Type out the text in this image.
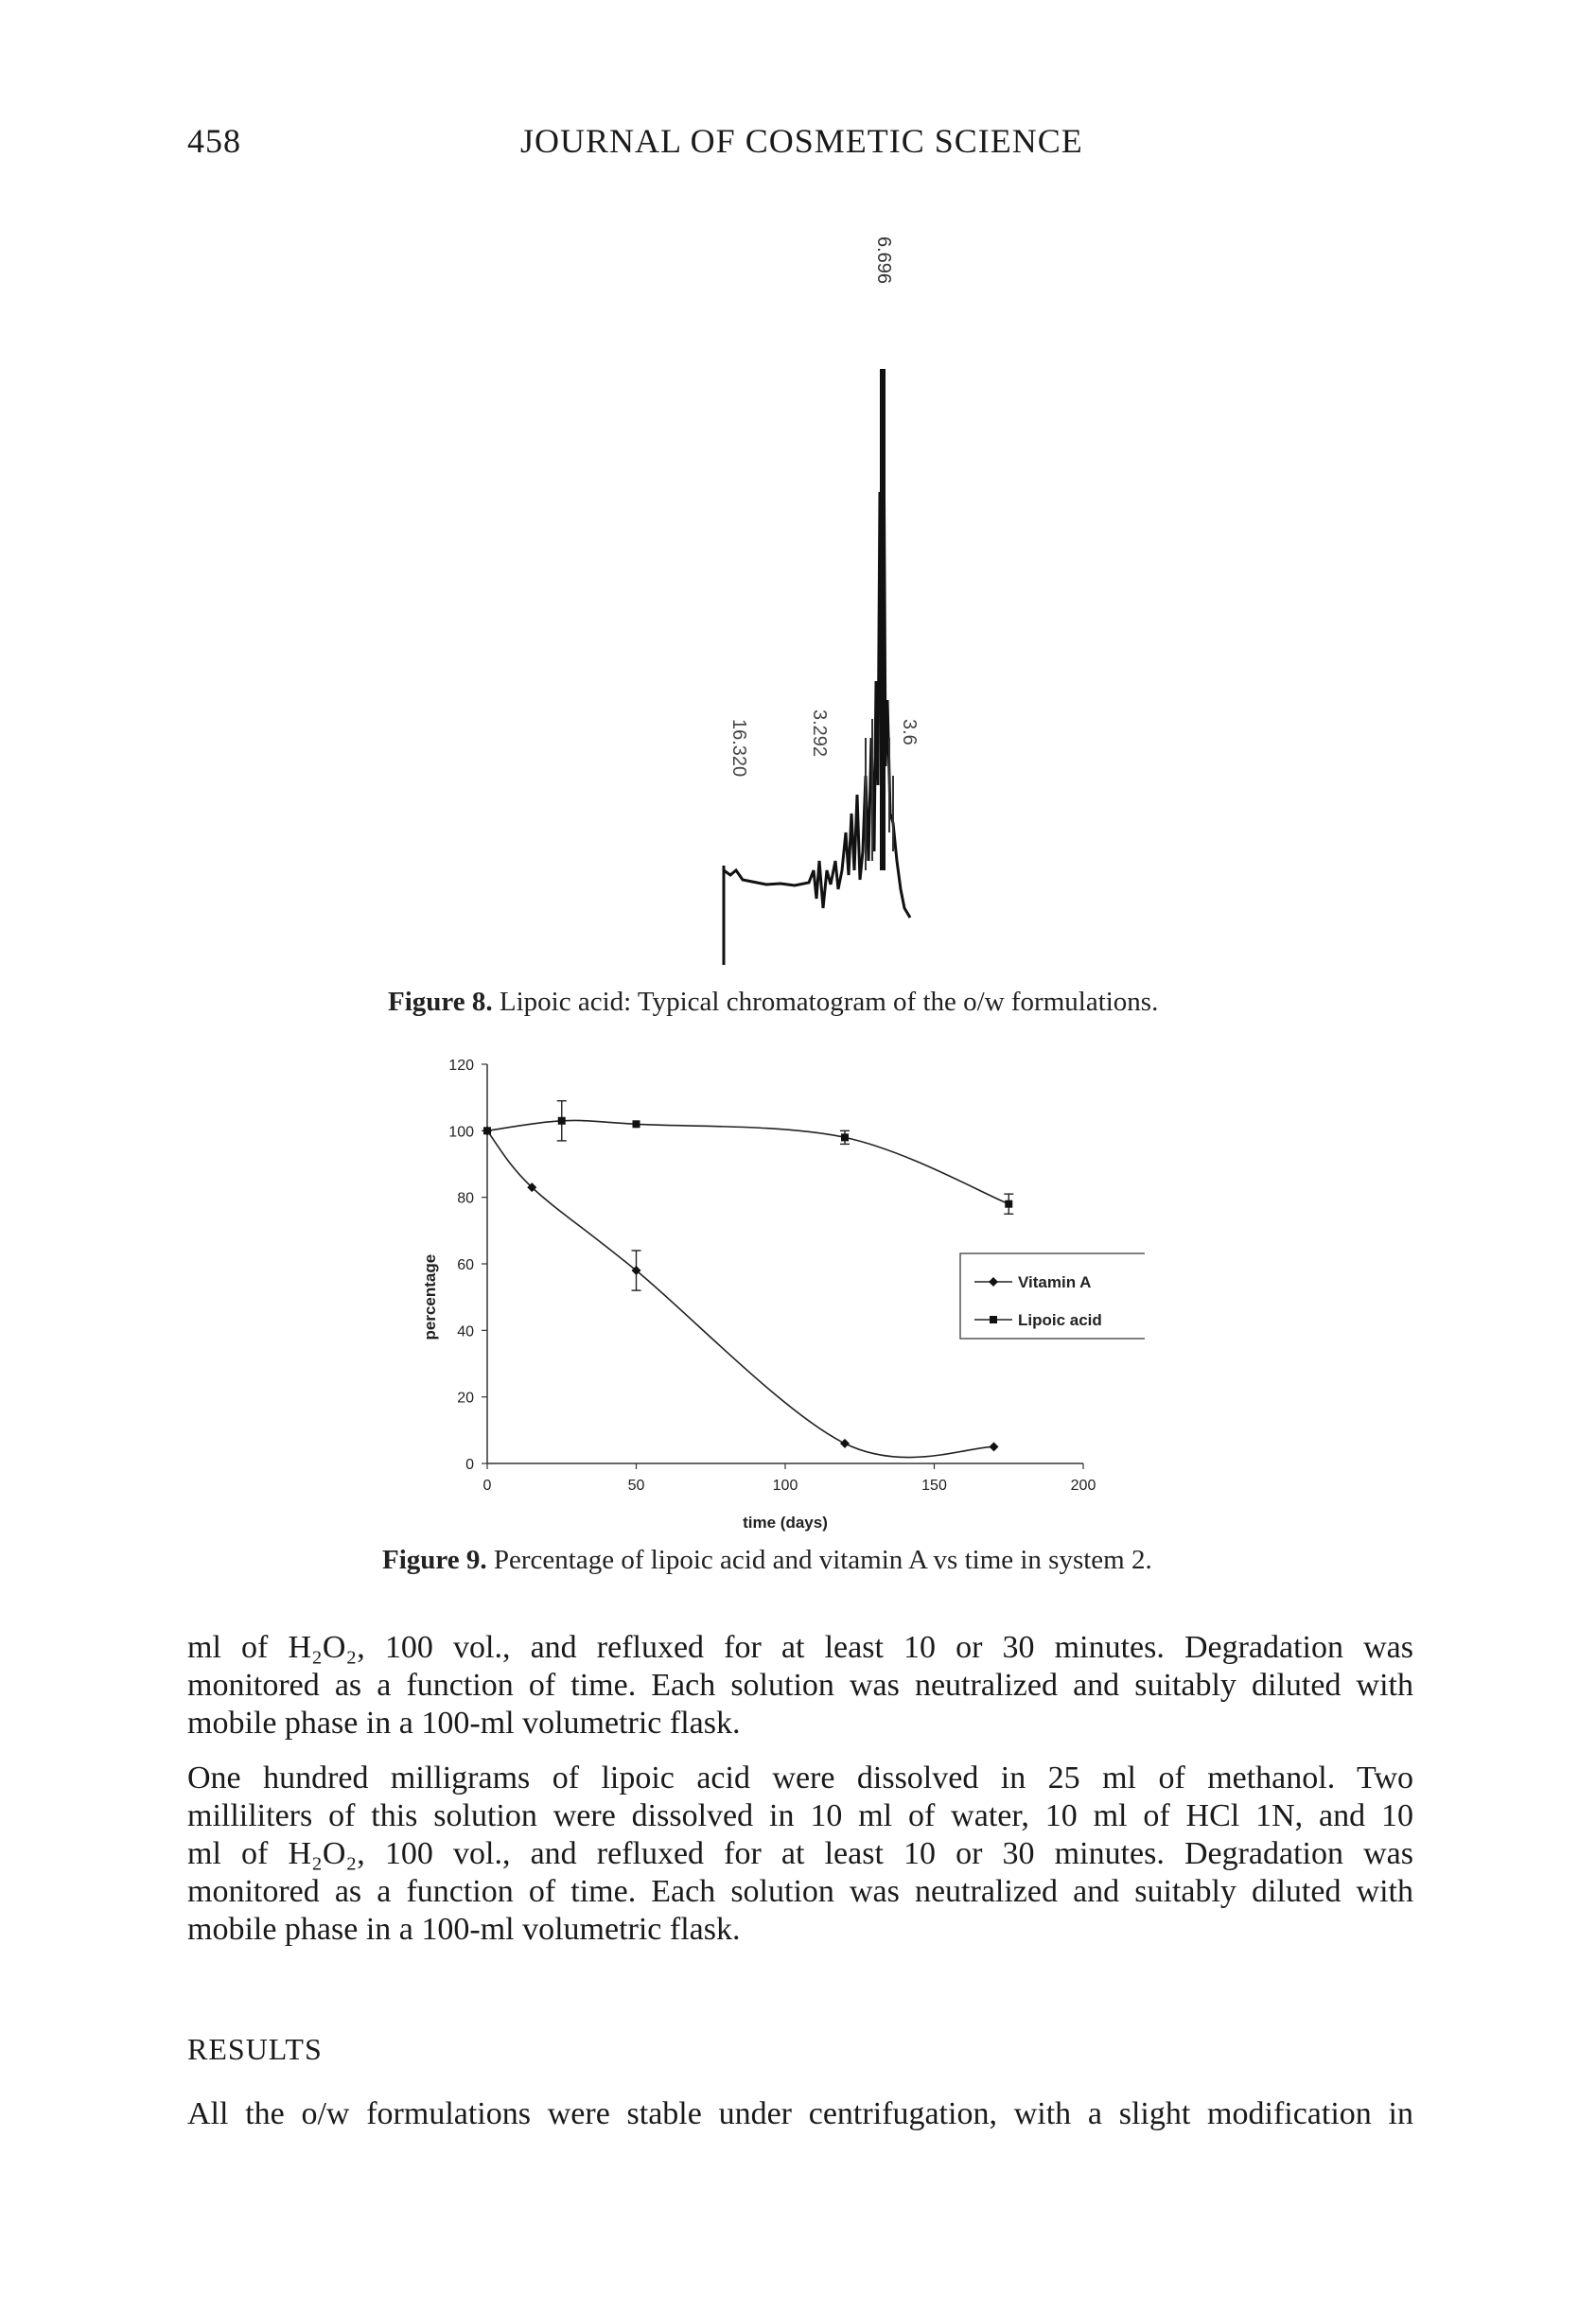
458	JOURNAL OF COSMETIC SCIENCE
6.696
16.320	3.292	3.6
Figure 8. Lipoic acid: Typical chromatogram of the o/w formulations.
0
20
40
60
80
100
120
0	50	100	150	200
percentage
time (days)
Vitamin A
Lipoic acid
Figure 9. Percentage of lipoic acid and vitamin A vs time in system 2.
ml of H₂O₂, 100 vol., and refluxed for at least 10 or 30 minutes. Degradation was
monitored as a function of time. Each solution was neutralized and suitably diluted with
mobile phase in a 100-ml volumetric flask.
One hundred milligrams of lipoic acid were dissolved in 25 ml of methanol. Two
milliliters of this solution were dissolved in 10 ml of water, 10 ml of HCl 1N, and 10
ml of H₂O₂, 100 vol., and refluxed for at least 10 or 30 minutes. Degradation was
monitored as a function of time. Each solution was neutralized and suitably diluted with
mobile phase in a 100-ml volumetric flask.
RESULTS
All the o/w formulations were stable under centrifugation, with a slight modification in
